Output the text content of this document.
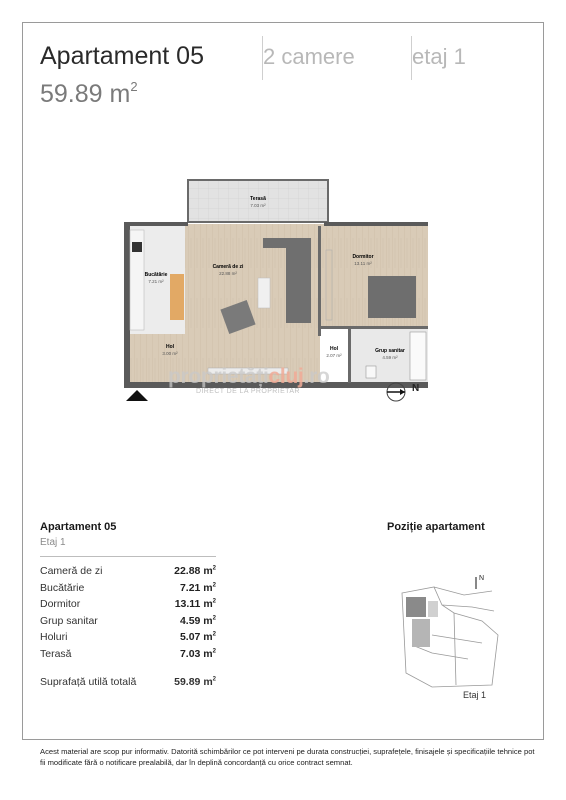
Apartament 05
59.89 $m^2$
2 camere	etaj 1
Terasă
7.03 m²
Cameră de zi
22.88 m²
Bucătărie
7.21 m²
Dormitor
13.11 m²
Hol
3.00 m²
Hol
2.07 m²
Grup sanitar
4.59 m²
proprietățicluj.ro
DIRECT DE LA PROPRIETAR	N
Apartament 05
Etaj 1
Cameră de zi	22.88 $m^2$
Bucătărie	7.21 $m^2$
Dormitor	13.11 $m^2$
Grup sanitar	4.59 $m^2$
Holuri	5.07 $m^2$
Terasă	7.03 $m^2$
Suprafață utilă totală	59.89 $m^2$
Poziție apartament
N
Etaj 1
Acest material are scop pur informativ. Datorită schimbărilor ce pot interveni pe durata construcției, suprafețele, finisajele și specificațiile tehnice pot fii modificate fără o notificare prealabilă, dar în deplină concordanță cu orice contract semnat.
